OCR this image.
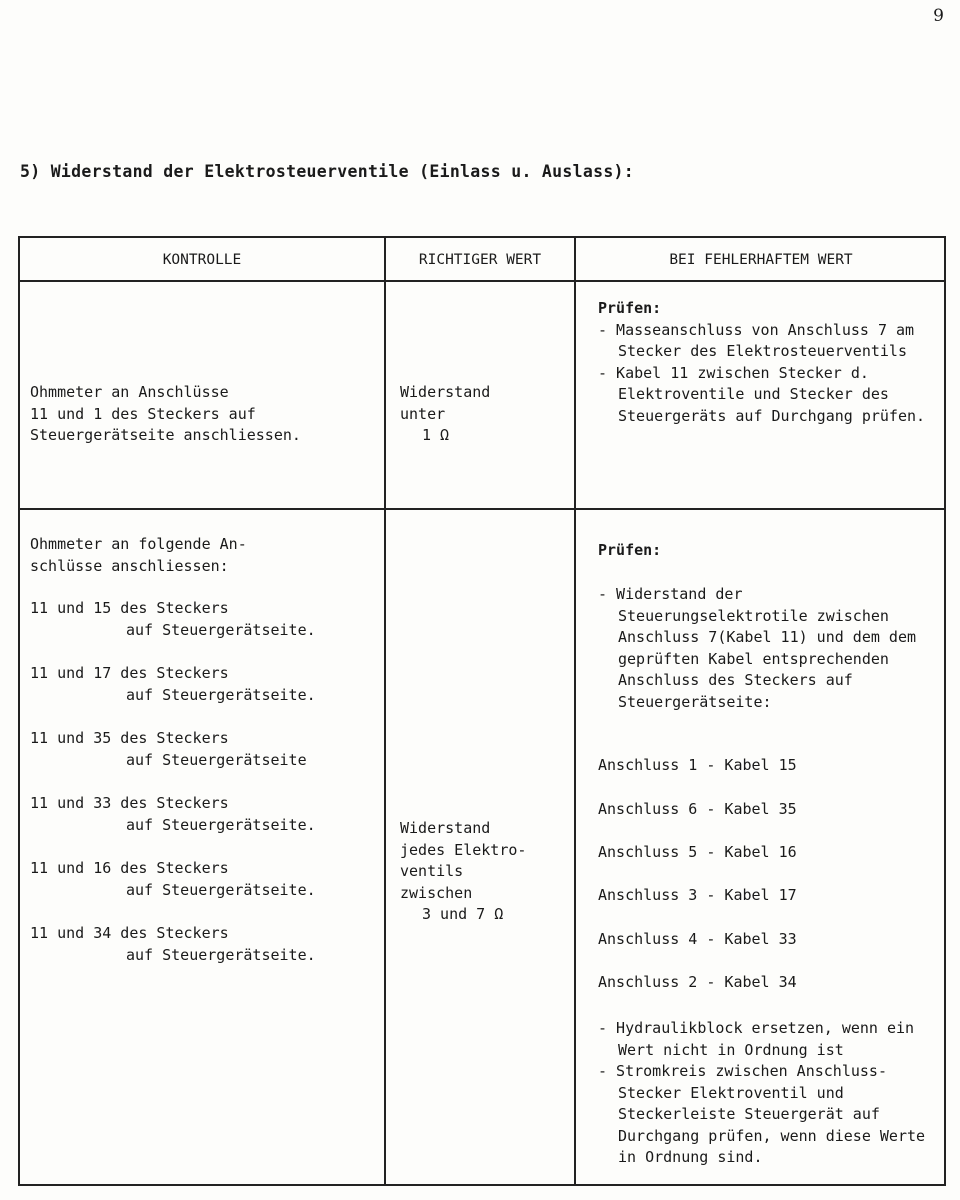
9
5) Widerstand der Elektrosteuerventile (Einlass u. Auslass):
KONTROLLE	RICHTIGER WERT	BEI FEHLERHAFTEM WERT
Ohmmeter an Anschlüsse
11 und 1 des Steckers auf
Steuergerätseite anschliessen.
Widerstand
unter
1 Ω
Prüfen:
- Masseanschluss von Anschluss 7 am Stecker des Elektrosteuerventils
- Kabel 11 zwischen Stecker d. Elektroventile und Stecker des Steuergeräts auf Durchgang prüfen.
Ohmmeter an folgende An-
schlüsse anschliessen:
11 und 15 des Steckers
auf Steuergerätseite.
11 und 17 des Steckers
auf Steuergerätseite.
11 und 35 des Steckers
auf Steuergerätseite
11 und 33 des Steckers
auf Steuergerätseite.
11 und 16 des Steckers
auf Steuergerätseite.
11 und 34 des Steckers
auf Steuergerätseite.
Widerstand
jedes Elektro-
ventils
zwischen
3 und 7 Ω
Prüfen:
- Widerstand der Steuerungselektrotile zwischen Anschluss 7(Kabel 11) und dem dem geprüften Kabel entsprechenden Anschluss des Steckers auf Steuergerätseite:
Anschluss 1 - Kabel 15
Anschluss 6 - Kabel 35
Anschluss 5 - Kabel 16
Anschluss 3 - Kabel 17
Anschluss 4 - Kabel 33
Anschluss 2 - Kabel 34
- Hydraulikblock ersetzen, wenn ein Wert nicht in Ordnung ist
- Stromkreis zwischen Anschluss-Stecker Elektroventil und Steckerleiste Steuergerät auf Durchgang prüfen, wenn diese Werte in Ordnung sind.
